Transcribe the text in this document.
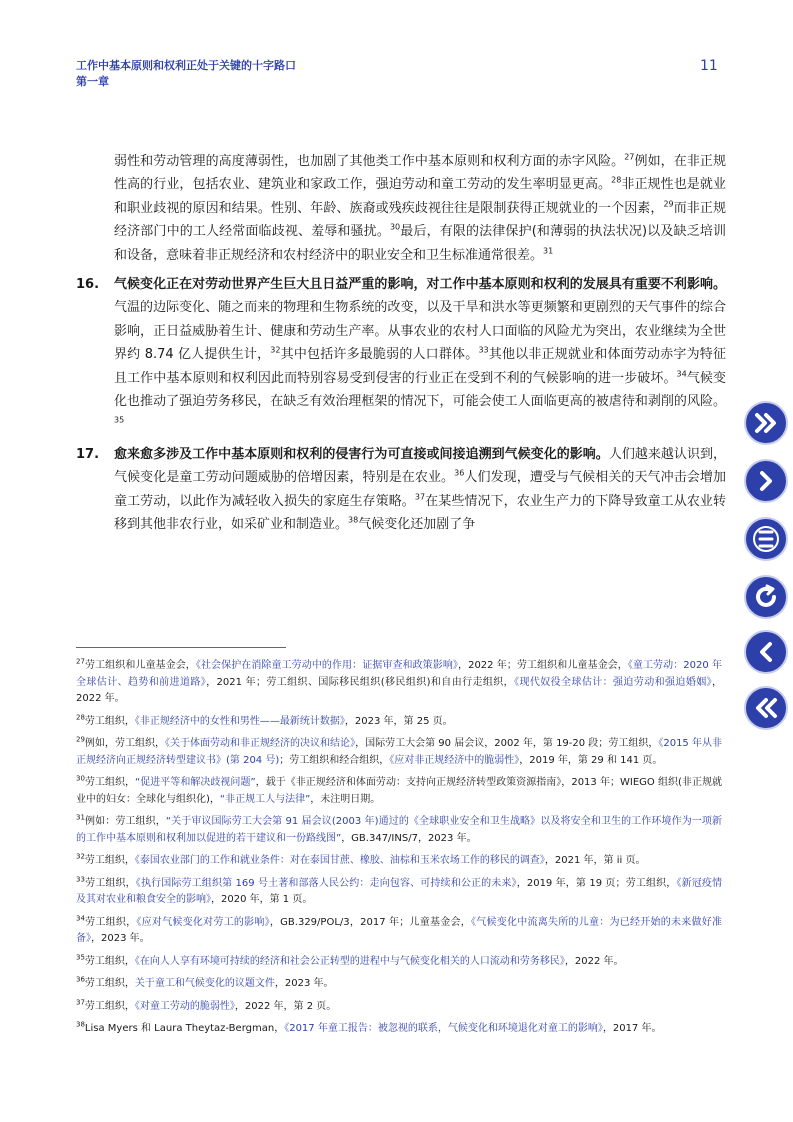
工作中基本原则和权利正处于关键的十字路口
第一章
11
弱性和劳动管理的高度薄弱性，也加剧了其他类工作中基本原则和权利方面的赤字风险。$^{27}$例如，在非正规性高的行业，包括农业、建筑业和家政工作，强迫劳动和童工劳动的发生率明显更高。$^{28}$非正规性也是就业和职业歧视的原因和结果。性别、年龄、族裔或残疾歧视往往是限制获得正规就业的一个因素，$^{29}$而非正规经济部门中的工人经常面临歧视、羞辱和骚扰。$^{30}$最后，有限的法律保护(和薄弱的执法状况)以及缺乏培训和设备，意味着非正规经济和农村经济中的职业安全和卫生标准通常很差。$^{31}$
16. 气候变化正在对劳动世界产生巨大且日益严重的影响，对工作中基本原则和权利的发展具有重要不利影响。气温的边际变化、随之而来的物理和生物系统的改变，以及干旱和洪水等更频繁和更剧烈的天气事件的综合影响，正日益威胁着生计、健康和劳动生产率。从事农业的农村人口面临的风险尤为突出，农业继续为全世界约 8.74 亿人提供生计，$^{32}$其中包括许多最脆弱的人口群体。$^{33}$其他以非正规就业和体面劳动赤字为特征且工作中基本原则和权利因此而特别容易受到侵害的行业正在受到不利的气候影响的进一步破坏。$^{34}$气候变化也推动了强迫劳务移民，在缺乏有效治理框架的情况下，可能会使工人面临更高的被虐待和剥削的风险。$^{35}$
17. 愈来愈多涉及工作中基本原则和权利的侵害行为可直接或间接追溯到气候变化的影响。人们越来越认识到，气候变化是童工劳动问题威胁的倍增因素，特别是在农业。$^{36}$人们发现，遭受与气候相关的天气冲击会增加童工劳动，以此作为减轻收入损失的家庭生存策略。$^{37}$在某些情况下，农业生产力的下降导致童工从农业转移到其他非农行业，如采矿业和制造业。$^{38}$气候变化还加剧了争
$^{27}$劳工组织和儿童基金会，《社会保护在消除童工劳动中的作用：证据审查和政策影响》，2022 年；劳工组织和儿童基金会，《童工劳动：2020 年全球估计、趋势和前进道路》，2021 年；劳工组织、国际移民组织(移民组织)和自由行走组织，《现代奴役全球估计：强迫劳动和强迫婚姻》，2022 年。
$^{28}$劳工组织，《非正规经济中的女性和男性——最新统计数据》，2023 年，第 25 页。
$^{29}$例如，劳工组织，《关于体面劳动和非正规经济的决议和结论》，国际劳工大会第 90 届会议，2002 年，第 19-20 段；劳工组织，《2015 年从非正规经济向正规经济转型建议书》(第 204 号)；劳工组织和经合组织，《应对非正规经济中的脆弱性》，2019 年，第 29 和 141 页。
$^{30}$劳工组织，“促进平等和解决歧视问题”，载于《非正规经济和体面劳动：支持向正规经济转型政策资源指南》，2013 年；WIEGO 组织(非正规就业中的妇女：全球化与组织化)，“非正规工人与法律”，未注明日期。
$^{31}$例如：劳工组织，“关于审议国际劳工大会第 91 届会议(2003 年)通过的《全球职业安全和卫生战略》以及将安全和卫生的工作环境作为一项新的工作中基本原则和权利加以促进的若干建议和一份路线图”，GB.347/INS/7，2023 年。
$^{32}$劳工组织，《泰国农业部门的工作和就业条件：对在泰国甘蔗、橡胶、油棕和玉米农场工作的移民的调查》，2021 年，第 ii 页。
$^{33}$劳工组织，《执行国际劳工组织第 169 号土著和部落人民公约：走向包容、可持续和公正的未来》，2019 年，第 19 页；劳工组织，《新冠疫情及其对农业和粮食安全的影响》，2020 年，第 1 页。
$^{34}$劳工组织，《应对气候变化对劳工的影响》，GB.329/POL/3，2017 年；儿童基金会，《气候变化中流离失所的儿童：为已经开始的未来做好准备》，2023 年。
$^{35}$劳工组织，《在向人人享有环境可持续的经济和社会公正转型的进程中与气候变化相关的人口流动和劳务移民》，2022 年。
$^{36}$劳工组织，关于童工和气候变化的议题文件，2023 年。
$^{37}$劳工组织，《对童工劳动的脆弱性》，2022 年，第 2 页。
$^{38}$Lisa Myers 和 Laura Theytaz-Bergman，《2017 年童工报告：被忽视的联系，气候变化和环境退化对童工的影响》，2017 年。
